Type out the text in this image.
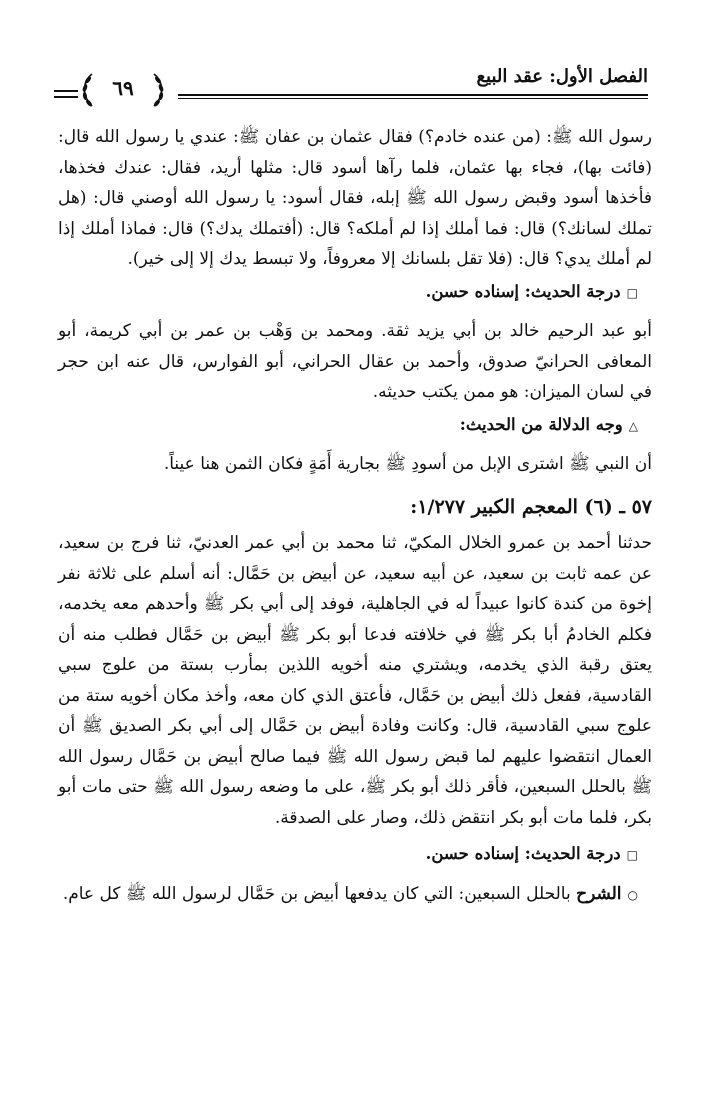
الفصل الأول: عقد البيع
٦٩

رسول الله ﷺ: (من عنده خادم؟) فقال عثمان بن عفان ﷺ: عندي يا رسول الله قال: (فائت بها)، فجاء بها عثمان، فلما رآها أسود قال: مثلها أريد، فقال: عندك فخذها، فأخذها أسود وقبض رسول الله ﷺ إبله، فقال أسود: يا رسول الله أوصني قال: (هل تملك لسانك؟) قال: فما أملك إذا لم أملكه؟ قال: (أفتملك يدك؟) قال: فماذا أملك إذا لم أملك يدي؟ قال: (فلا تقل بلسانك إلا معروفاً، ولا تبسط يدك إلا إلى خير).

□درجة الحديث: إسناده حسن.

أبو عبد الرحيم خالد بن أبي يزيد ثقة. ومحمد بن وَهْب بن عمر بن أبي كريمة، أبو المعافى الحرانيّ صدوق، وأحمد بن عقال الحراني، أبو الفوارس، قال عنه ابن حجر في لسان الميزان: هو ممن يكتب حديثه.

△وجه الدلالة من الحديث:

أن النبي ﷺ اشترى الإبل من أسودِ ﷺ بجارية أَمَةٍ فكان الثمن هنا عيناً.

٥٧ ـ (٦) المعجم الكبير ١/٢٧٧:

حدثنا أحمد بن عمرو الخلال المكيّ، ثنا محمد بن أبي عمر العدنيّ، ثنا فرج بن سعيد، عن عمه ثابت بن سعيد، عن أبيه سعيد، عن أبيض بن حَمَّال: أنه أسلم على ثلاثة نفر إخوة من كندة كانوا عبيداً له في الجاهلية، فوفد إلى أبي بكر ﷺ وأحدهم معه يخدمه، فكلم الخادمُ أبا بكر ﷺ في خلافته فدعا أبو بكر ﷺ أبيض بن حَمَّال فطلب منه أن يعتق رقبة الذي يخدمه، ويشتري منه أخويه اللذين بمأرب بستة من علوج سبي القادسية، ففعل ذلك أبيض بن حَمَّال، فأعتق الذي كان معه، وأخذ مكان أخويه ستة من علوج سبي القادسية، قال: وكانت وفادة أبيض بن حَمَّال إلى أبي بكر الصديق ﷺ أن العمال انتقضوا عليهم لما قبض رسول الله ﷺ فيما صالح أبيض بن حَمَّال رسول الله ﷺ بالحلل السبعين، فأقر ذلك أبو بكر ﷺ، على ما وضعه رسول الله ﷺ حتى مات أبو بكر، فلما مات أبو بكر انتقض ذلك، وصار على الصدقة.

□درجة الحديث: إسناده حسن.

○الشرح بالحلل السبعين: التي كان يدفعها أبيض بن حَمَّال لرسول الله ﷺ كل عام.
